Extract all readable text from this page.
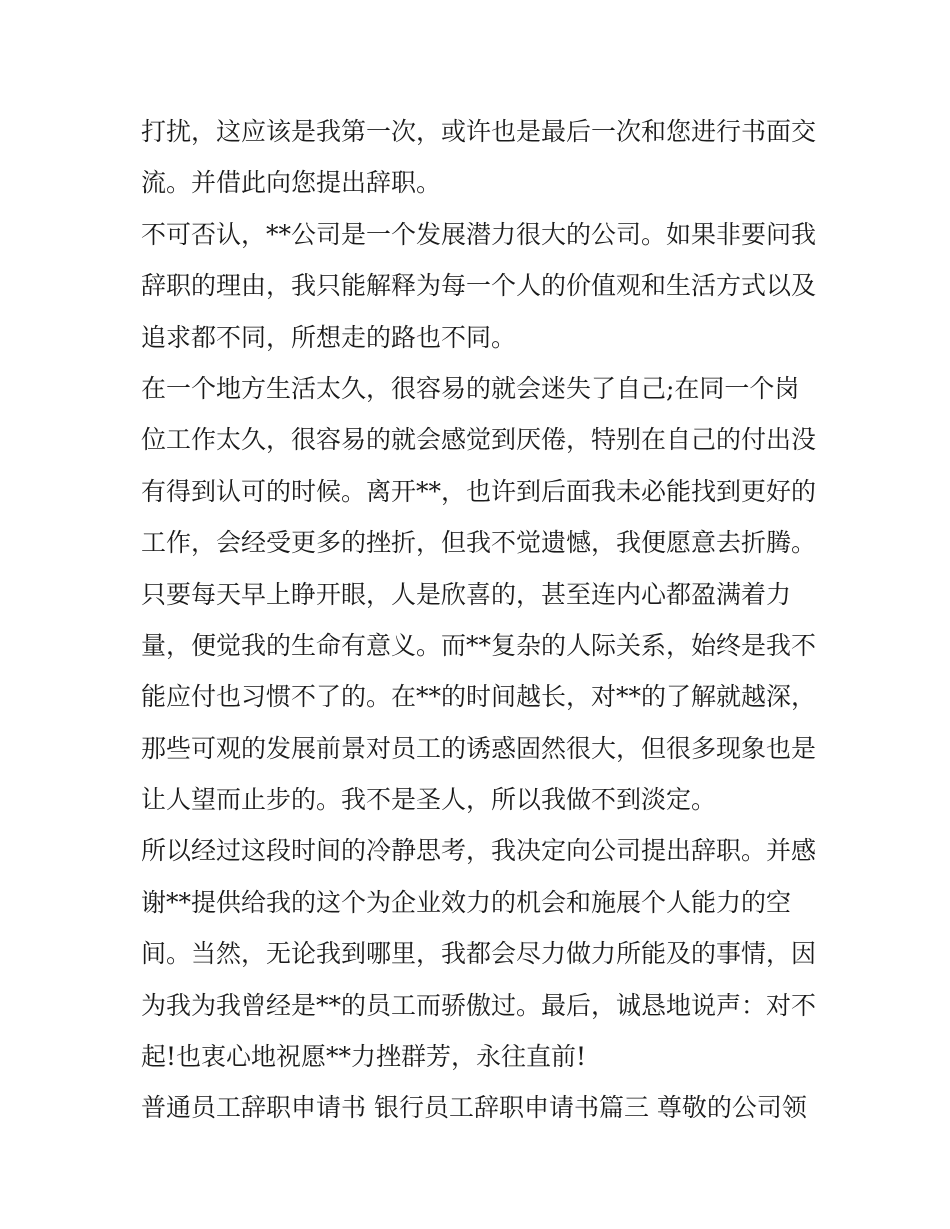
打扰，这应该是我第一次，或许也是最后一次和您进行书面交
流。并借此向您提出辞职。
不可否认，**公司是一个发展潜力很大的公司。如果非要问我
辞职的理由，我只能解释为每一个人的价值观和生活方式以及
追求都不同，所想走的路也不同。
在一个地方生活太久，很容易的就会迷失了自己;在同一个岗
位工作太久，很容易的就会感觉到厌倦，特别在自己的付出没
有得到认可的时候。离开**，也许到后面我未必能找到更好的
工作，会经受更多的挫折，但我不觉遗憾，我便愿意去折腾。
只要每天早上睁开眼，人是欣喜的，甚至连内心都盈满着力
量，便觉我的生命有意义。而**复杂的人际关系，始终是我不
能应付也习惯不了的。在**的时间越长，对**的了解就越深，
那些可观的发展前景对员工的诱惑固然很大，但很多现象也是
让人望而止步的。我不是圣人，所以我做不到淡定。
所以经过这段时间的冷静思考，我决定向公司提出辞职。并感
谢**提供给我的这个为企业效力的机会和施展个人能力的空
间。当然，无论我到哪里，我都会尽力做力所能及的事情，因
为我为我曾经是**的员工而骄傲过。最后，诚恳地说声：对不
起!也衷心地祝愿**力挫群芳，永往直前!
普通员工辞职申请书 银行员工辞职申请书篇三 尊敬的公司领
